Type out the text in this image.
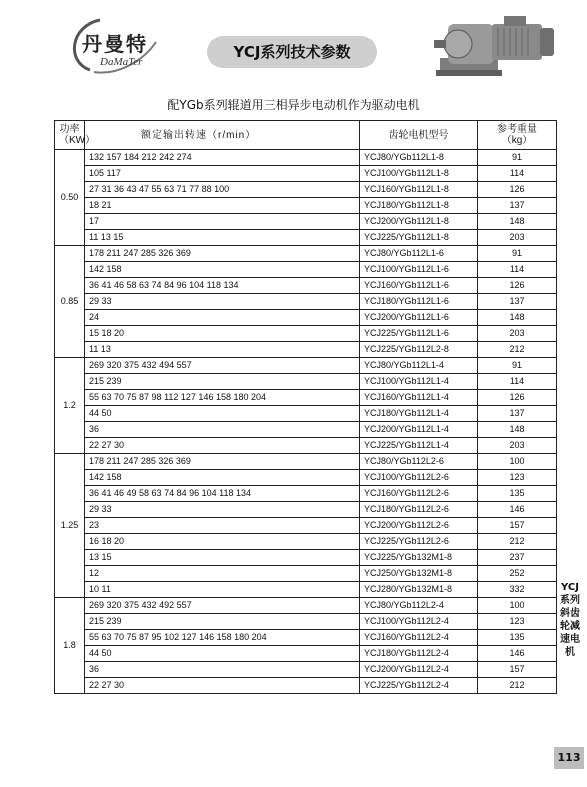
丹曼特
DaMaTer
YCJ系列技术参数
配YGb系列辊道用三相异步电动机作为驱动电机
功率
（KW）	额定输出转速（r/min）	齿轮电机型号	参考重量
（kg）

0.50	132 157 184 212 242 274	YCJ80/YGb112L1-8	91
	105 117	YCJ100/YGb112L1-8	114
	27 31 36 43 47 55 63 71 77 88 100	YCJ160/YGb112L1-8	126
	18 21	YCJ180/YGb112L1-8	137
	17	YCJ200/YGb112L1-8	148
	11 13 15	YCJ225/YGb112L1-8	203
0.85	178 211 247 285 326 369	YCJ80/YGb112L1-6	91
	142 158	YCJ100/YGb112L1-6	114
	36 41 46 58 63 74 84 96 104 118 134	YCJ160/YGb112L1-6	126
	29 33	YCJ180/YGb112L1-6	137
	24	YCJ200/YGb112L1-6	148
	15 18 20	YCJ225/YGb112L1-6	203
	11 13	YCJ225/YGb112L2-8	212
1.2	269 320 375 432 494 557	YCJ80/YGb112L1-4	91
	215 239	YCJ100/YGb112L1-4	114
	55 63 70 75 87 98 112 127 146 158 180 204	YCJ160/YGb112L1-4	126
	44 50	YCJ180/YGb112L1-4	137
	36	YCJ200/YGb112L1-4	148
	22 27 30	YCJ225/YGb112L1-4	203
1.25	178 211 247 285 326 369	YCJ80/YGb112L2-6	100
	142 158	YCJ100/YGb112L2-6	123
	36 41 46 49 58 63 74 84 96 104 118 134	YCJ160/YGb112L2-6	135
	29 33	YCJ180/YGb112L2-6	146
	23	YCJ200/YGb112L2-6	157
	16 18 20	YCJ225/YGb112L2-6	212
	13 15	YCJ225/YGb132M1-8	237
	12	YCJ250/YGb132M1-8	252
	10 11	YCJ280/YGb132M1-8	332
1.8	269 320 375 432 492 557	YCJ80/YGb112L2-4	100
	215 239	YCJ100/YGb112L2-4	123
	55 63 70 75 87 95 102 127 146 158 180 204	YCJ160/YGb112L2-4	135
	44 50	YCJ180/YGb112L2-4	146
	36	YCJ200/YGb112L2-4	157
	22 27 30	YCJ225/YGb112L2-4	212
YCJ系列斜齿轮减速电机
113
